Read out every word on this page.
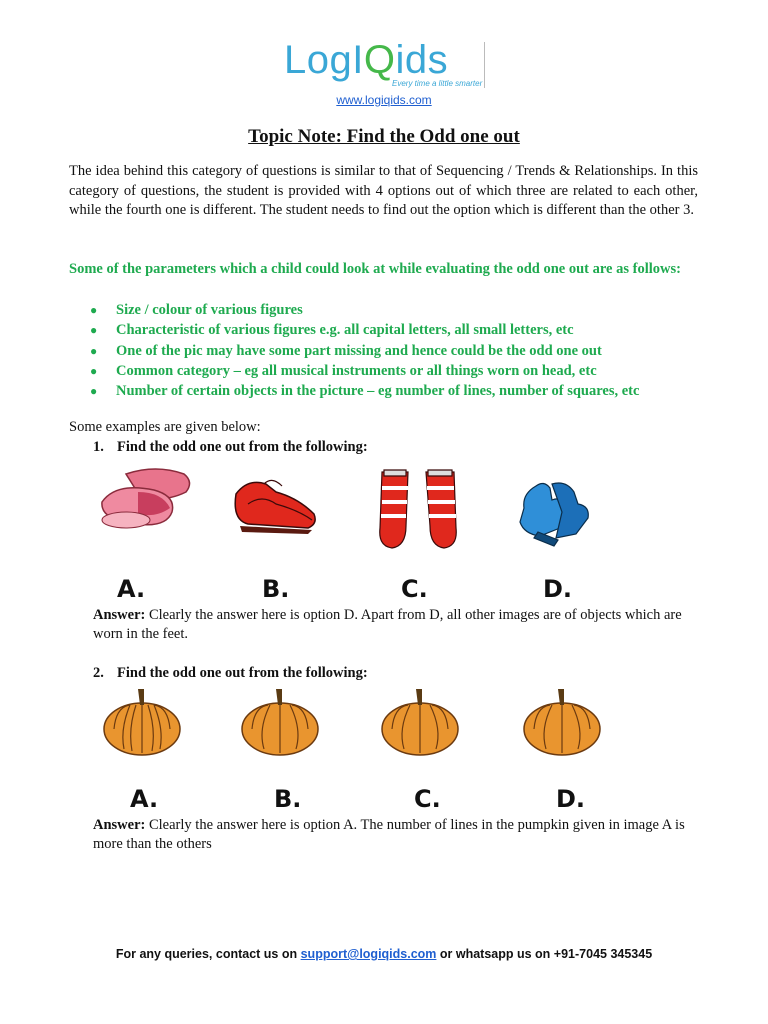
LogIQids
Every time a little smarter
www.logiqids.com
Topic Note: Find the Odd one out
The idea behind this category of questions is similar to that of Sequencing / Trends & Relationships. In this category of questions, the student is provided with 4 options out of which three are related to each other, while the fourth one is different. The student needs to find out the option which is different than the other 3.
Some of the parameters which a child could look at while evaluating the odd one out are as follows:
● Size / colour of various figures
● Characteristic of various figures e.g. all capital letters, all small letters, etc
● One of the pic may have some part missing and hence could be the odd one out
● Common category – eg all musical instruments or all things worn on head, etc
● Number of certain objects in the picture – eg number of lines, number of squares, etc
Some examples are given below:
1. Find the odd one out from the following:
A.	B.	C.	D.
Answer: Clearly the answer here is option D. Apart from D, all other images are of objects which are worn in the feet.
2. Find the odd one out from the following:
A.	B.	C.	D.
Answer: Clearly the answer here is option A. The number of lines in the pumpkin given in image A is more than the others
For any queries, contact us on support@logiqids.com or whatsapp us on +91-7045 345345
